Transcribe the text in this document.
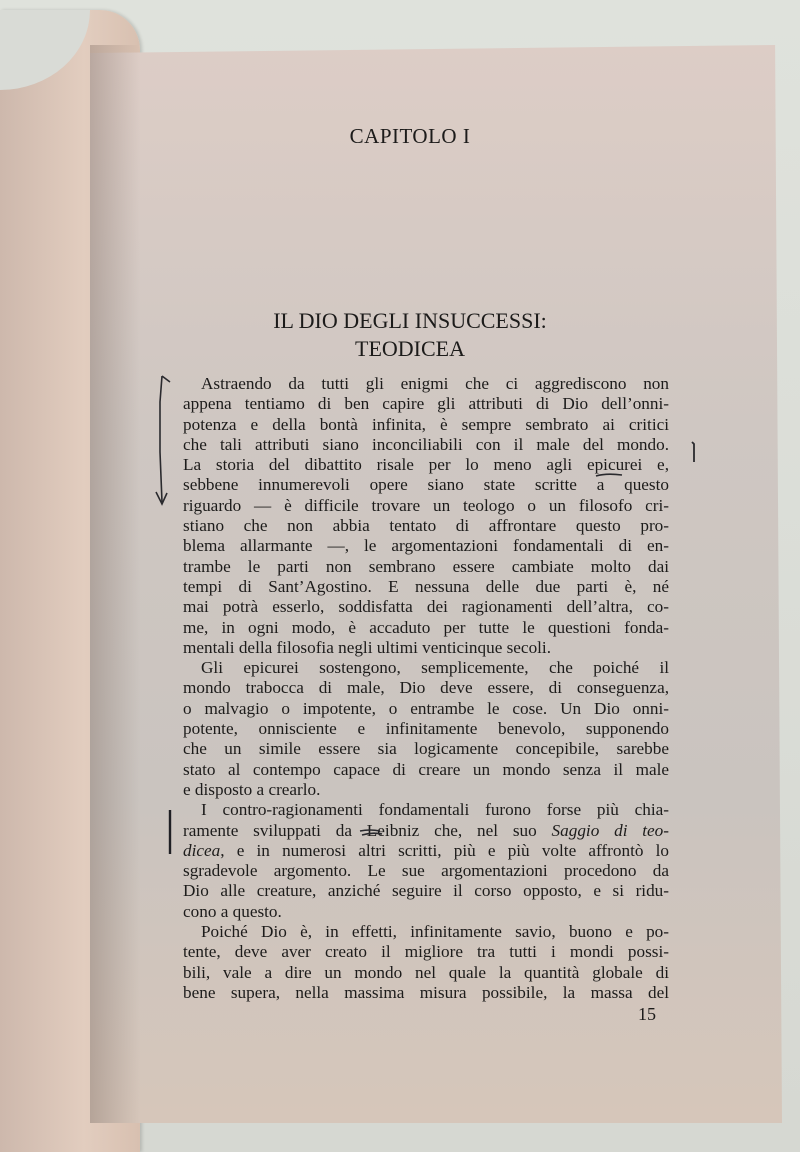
CAPITOLO I
IL DIO DEGLI INSUCCESSI:
TEODICEA
Astraendo da tutti gli enigmi che ci aggrediscono non
appena tentiamo di ben capire gli attributi di Dio dell’onni-
potenza e della bontà infinita, è sempre sembrato ai critici
che tali attributi siano inconciliabili con il male del mondo.
La storia del dibattito risale per lo meno agli epicurei e,
sebbene innumerevoli opere siano state scritte a questo
riguardo — è difficile trovare un teologo o un filosofo cri-
stiano che non abbia tentato di affrontare questo pro-
blema allarmante —, le argomentazioni fondamentali di en-
trambe le parti non sembrano essere cambiate molto dai
tempi di Sant’Agostino. E nessuna delle due parti è, né
mai potrà esserlo, soddisfatta dei ragionamenti dell’altra, co-
me, in ogni modo, è accaduto per tutte le questioni fonda-
mentali della filosofia negli ultimi venticinque secoli.
Gli epicurei sostengono, semplicemente, che poiché il
mondo trabocca di male, Dio deve essere, di conseguenza,
o malvagio o impotente, o entrambe le cose. Un Dio onni-
potente, onnisciente e infinitamente benevolo, supponendo
che un simile essere sia logicamente concepibile, sarebbe
stato al contempo capace di creare un mondo senza il male
e disposto a crearlo.
I contro-ragionamenti fondamentali furono forse più chia-
ramente sviluppati da Leibniz che, nel suo Saggio di teo-
dicea, e in numerosi altri scritti, più e più volte affrontò lo
sgradevole argomento. Le sue argomentazioni procedono da
Dio alle creature, anziché seguire il corso opposto, e si ridu-
cono a questo.
Poiché Dio è, in effetti, infinitamente savio, buono e po-
tente, deve aver creato il migliore tra tutti i mondi possi-
bili, vale a dire un mondo nel quale la quantità globale di
bene supera, nella massima misura possibile, la massa del
15
